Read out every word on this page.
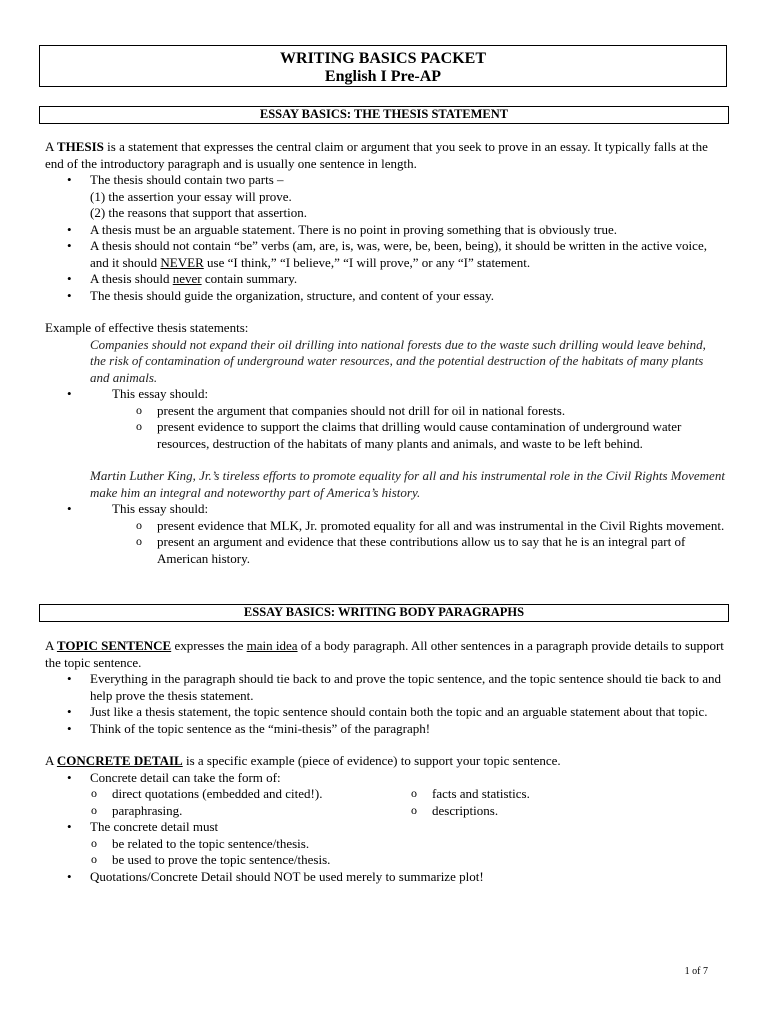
WRITING BASICS PACKET
English I Pre-AP
ESSAY BASICS: THE THESIS STATEMENT

A THESIS is a statement that expresses the central claim or argument that you seek to prove in an essay. It typically falls at the end of the introductory paragraph and is usually one sentence in length.

• The thesis should contain two parts –
(1) the assertion your essay will prove.
(2) the reasons that support that assertion.
• A thesis must be an arguable statement. There is no point in proving something that is obviously true.
• A thesis should not contain “be” verbs (am, are, is, was, were, be, been, being), it should be written in the active voice, and it should NEVER use “I think,” “I believe,” “I will prove,” or any “I” statement.
• A thesis should never contain summary.
• The thesis should guide the organization, structure, and content of your essay.

Example of effective thesis statements:

Companies should not expand their oil drilling into national forests due to the waste such drilling would leave behind, the risk of contamination of underground water resources, and the potential destruction of the habitats of many plants and animals.

• This essay should:
o present the argument that companies should not drill for oil in national forests.
o present evidence to support the claims that drilling would cause contamination of underground water resources, destruction of the habitats of many plants and animals, and waste to be left behind.

Martin Luther King, Jr.’s tireless efforts to promote equality for all and his instrumental role in the Civil Rights Movement make him an integral and noteworthy part of America’s history.

• This essay should:
o present evidence that MLK, Jr. promoted equality for all and was instrumental in the Civil Rights movement.
o present an argument and evidence that these contributions allow us to say that he is an integral part of American history.
ESSAY BASICS: WRITING BODY PARAGRAPHS

A TOPIC SENTENCE expresses the main idea of a body paragraph. All other sentences in a paragraph provide details to support the topic sentence.

• Everything in the paragraph should tie back to and prove the topic sentence, and the topic sentence should tie back to and help prove the thesis statement.
• Just like a thesis statement, the topic sentence should contain both the topic and an arguable statement about that topic.
• Think of the topic sentence as the “mini-thesis” of the paragraph!

A CONCRETE DETAIL is a specific example (piece of evidence) to support your topic sentence.

• Concrete detail can take the form of:
o direct quotations (embedded and cited!).
o paraphrasing.
o facts and statistics.
o descriptions.
• The concrete detail must
o be related to the topic sentence/thesis.
o be used to prove the topic sentence/thesis.
• Quotations/Concrete Detail should NOT be used merely to summarize plot!
1 of 7
